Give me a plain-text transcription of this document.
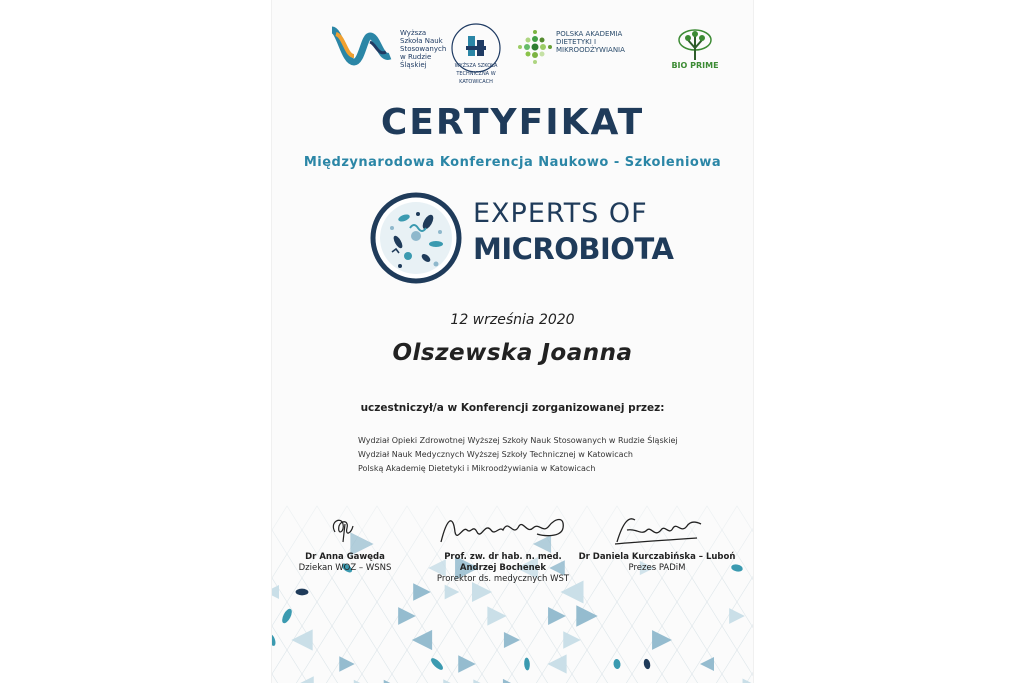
Wyższa Szkoła Nauk Stosowanych w Rudzie Śląskiej	WYŻSZA SZKOŁA TECHNICZNA W KATOWICACH
POLSKA AKADEMIA DIETETYKI I MIKROODŻYWIANIA
BIO PRIME
CERTYFIKAT
Międzynarodowa Konferencja Naukowo - Szkoleniowa
EXPERTS OF
MICROBIOTA
12 września 2020
Olszewska Joanna
uczestniczył/a w Konferencji zorganizowanej przez:
Wydział Opieki Zdrowotnej Wyższej Szkoły Nauk Stosowanych w Rudzie Śląskiej
Wydział Nauk Medycznych Wyższej Szkoły Technicznej w Katowicach
Polską Akademię Dietetyki i Mikroodżywiania w Katowicach
Dr Anna Gawęda
Dziekan WOZ – WSNS
Prof. zw. dr hab. n. med.
Andrzej Bochenek
Prorektor ds. medycznych WST
Dr Daniela Kurczabińska – Luboń
Prezes PADiM
